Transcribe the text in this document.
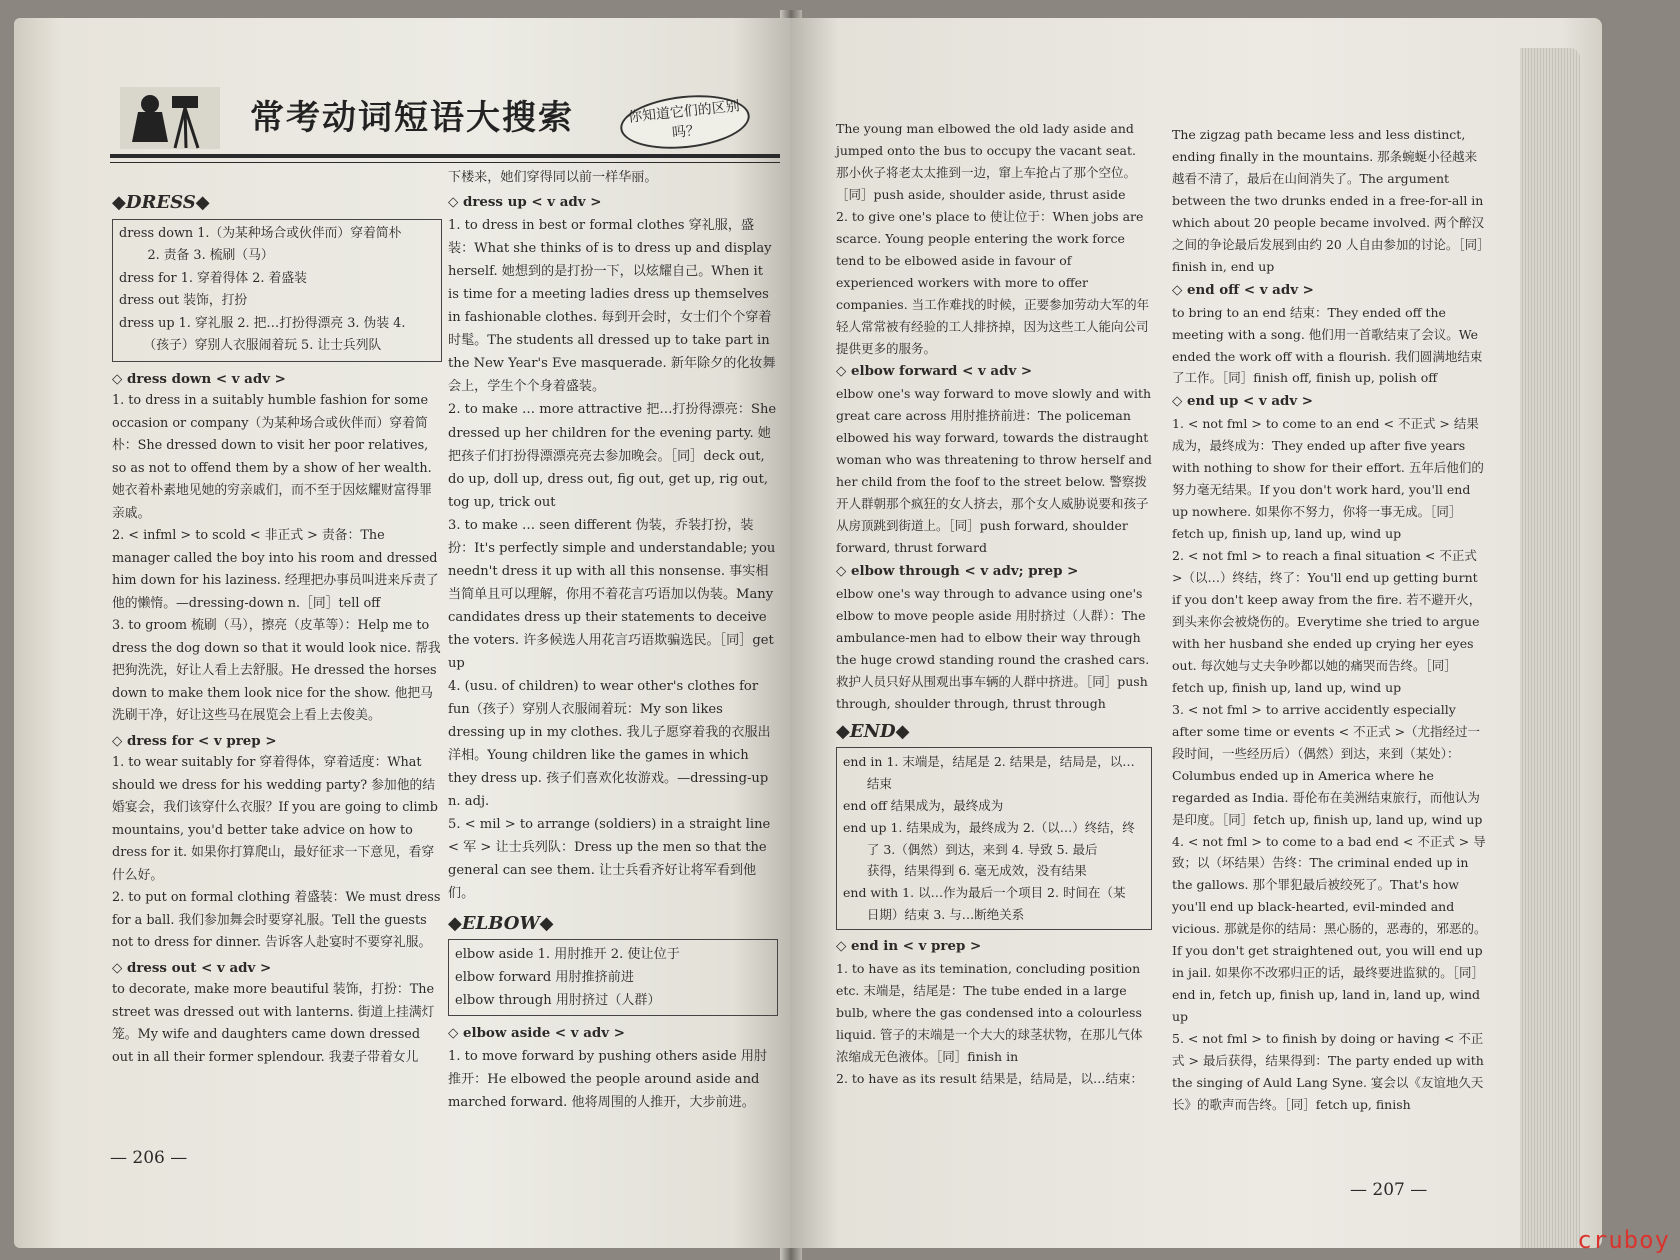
常考动词短语大搜索	你知道它们的区别吗？
◆DRESS◆
dress down 1.（为某种场合或伙伴而）穿着简朴
2. 责备 3. 梳刷（马）
dress for 1. 穿着得体 2. 着盛装
dress out 装饰，打扮
dress up 1. 穿礼服 2. 把…打扮得漂亮 3. 伪装 4.
（孩子）穿别人衣服闹着玩 5. 让士兵列队
◇ dress down < v adv >

1. to dress in a suitably humble fashion for some occasion or company（为某种场合或伙伴而）穿着简朴：She dressed down to visit her poor relatives, so as not to offend them by a show of her wealth. 她衣着朴素地见她的穷亲戚们，而不至于因炫耀财富得罪亲戚。

2. < infml > to scold < 非正式 > 责备：The manager called the boy into his room and dressed him down for his laziness. 经理把办事员叫进来斥责了他的懒惰。—dressing-down n.［同］tell off

3. to groom 梳刷（马），擦亮（皮革等）：Help me to dress the dog down so that it would look nice. 帮我把狗洗洗，好让人看上去舒服。He dressed the horses down to make them look nice for the show. 他把马洗刷干净，好让这些马在展览会上看上去俊美。

◇ dress for < v prep >

1. to wear suitably for 穿着得体，穿着适度：What should we dress for his wedding party? 参加他的结婚宴会，我们该穿什么衣服？If you are going to climb mountains, you'd better take advice on how to dress for it. 如果你打算爬山，最好征求一下意见，看穿什么好。

2. to put on formal clothing 着盛装：We must dress for a ball. 我们参加舞会时要穿礼服。Tell the guests not to dress for dinner. 告诉客人赴宴时不要穿礼服。

◇ dress out < v adv >

to decorate, make more beautiful 装饰，打扮：The street was dressed out with lanterns. 街道上挂满灯笼。My wife and daughters came down dressed out in all their former splendour. 我妻子带着女儿

下楼来，她们穿得同以前一样华丽。

◇ dress up < v adv >

1. to dress in best or formal clothes 穿礼服，盛装：What she thinks of is to dress up and display herself. 她想到的是打扮一下，以炫耀自己。When it is time for a meeting ladies dress up themselves in fashionable clothes. 每到开会时，女士们个个穿着时髦。The students all dressed up to take part in the New Year's Eve masquerade. 新年除夕的化妆舞会上，学生个个身着盛装。

2. to make … more attractive 把…打扮得漂亮：She dressed up her children for the evening party. 她把孩子们打扮得漂漂亮亮去参加晚会。［同］deck out, do up, doll up, dress out, fig out, get up, rig out, tog up, trick out

3. to make … seen different 伪装，乔装打扮，装扮：It's perfectly simple and understandable; you needn't dress it up with all this nonsense. 事实相当简单且可以理解，你用不着花言巧语加以伪装。Many candidates dress up their statements to deceive the voters. 许多候选人用花言巧语欺骗选民。［同］get up

4. (usu. of children) to wear other's clothes for fun（孩子）穿别人衣服闹着玩：My son likes dressing up in my clothes. 我儿子愿穿着我的衣服出洋相。Young children like the games in which they dress up. 孩子们喜欢化妆游戏。—dressing-up n. adj.

5. < mil > to arrange (soldiers) in a straight line < 军 > 让士兵列队：Dress up the men so that the general can see them. 让士兵看齐好让将军看到他们。

◆ELBOW◆
elbow aside 1. 用肘推开 2. 使让位于
elbow forward 用肘推挤前进
elbow through 用肘挤过（人群）
◇ elbow aside < v adv >

1. to move forward by pushing others aside 用肘推开：He elbowed the people around aside and marched forward. 他将周围的人推开，大步前进。

— 206 —

The young man elbowed the old lady aside and jumped onto the bus to occupy the vacant seat. 那小伙子将老太太推到一边，窜上车抢占了那个空位。［同］push aside, shoulder aside, thrust aside

2. to give one's place to 使让位于：When jobs are scarce. Young people entering the work force tend to be elbowed aside in favour of experienced workers with more to offer companies. 当工作难找的时候，正要参加劳动大军的年轻人常常被有经验的工人排挤掉，因为这些工人能向公司提供更多的服务。

◇ elbow forward < v adv >

elbow one's way forward to move slowly and with great care across 用肘推挤前进：The policeman elbowed his way forward, towards the distraught woman who was threatening to throw herself and her child from the foof to the street below. 警察拨开人群朝那个疯狂的女人挤去，那个女人威胁说要和孩子从房顶跳到街道上。［同］push forward, shoulder forward, thrust forward

◇ elbow through < v adv; prep >

elbow one's way through to advance using one's elbow to move people aside 用肘挤过（人群）：The ambulance-men had to elbow their way through the huge crowd standing round the crashed cars. 救护人员只好从围观出事车辆的人群中挤进。［同］push through, shoulder through, thrust through

◆END◆
end in 1. 末端是，结尾是 2. 结果是，结局是，以…
结束
end off 结果成为，最终成为
end up 1. 结果成为，最终成为 2.（以…）终结，终
了 3.（偶然）到达，来到 4. 导致 5. 最后
获得，结果得到 6. 毫无成效，没有结果
end with 1. 以…作为最后一个项目 2. 时间在（某
日期）结束 3. 与…断绝关系
◇ end in < v prep >

1. to have as its temination, concluding position etc. 末端是，结尾是：The tube ended in a large bulb, where the gas condensed into a colourless liquid. 管子的末端是一个大大的球茎状物，在那儿气体浓缩成无色液体。［同］finish in

2. to have as its result 结果是，结局是，以…结束：

The zigzag path became less and less distinct, ending finally in the mountains. 那条蜿蜒小径越来越看不清了，最后在山间消失了。The argument between the two drunks ended in a free-for-all in which about 20 people became involved. 两个醉汉之间的争论最后发展到由约 20 人自由参加的讨论。［同］finish in, end up

◇ end off < v adv >

to bring to an end 结束：They ended off the meeting with a song. 他们用一首歌结束了会议。We ended the work off with a flourish. 我们圆满地结束了工作。［同］finish off, finish up, polish off

◇ end up < v adv >

1. < not fml > to come to an end < 不正式 > 结果成为，最终成为：They ended up after five years with nothing to show for their effort. 五年后他们的努力毫无结果。If you don't work hard, you'll end up nowhere. 如果你不努力，你将一事无成。［同］fetch up, finish up, land up, wind up

2. < not fml > to reach a final situation < 不正式 >（以…）终结，终了：You'll end up getting burnt if you don't keep away from the fire. 若不避开火，到头来你会被烧伤的。Everytime she tried to argue with her husband she ended up crying her eyes out. 每次她与丈夫争吵都以她的痛哭而告终。［同］fetch up, finish up, land up, wind up

3. < not fml > to arrive accidently especially after some time or events < 不正式 >（尤指经过一段时间，一些经历后）（偶然）到达，来到（某处）：Columbus ended up in America where he regarded as India. 哥伦布在美洲结束旅行，而他认为是印度。［同］fetch up, finish up, land up, wind up

4. < not fml > to come to a bad end < 不正式 > 导致；以（坏结果）告终：The criminal ended up in the gallows. 那个罪犯最后被绞死了。That's how you'll end up black-hearted, evil-minded and vicious. 那就是你的结局：黑心肠的，恶毒的，邪恶的。If you don't get straightened out, you will end up in jail. 如果你不改邪归正的话，最终要进监狱的。［同］end in, fetch up, finish up, land in, land up, wind up

5. < not fml > to finish by doing or having < 不正式 > 最后获得，结果得到：The party ended up with the singing of Auld Lang Syne. 宴会以《友谊地久天长》的歌声而告终。［同］fetch up, finish

— 207 —
cruboy
